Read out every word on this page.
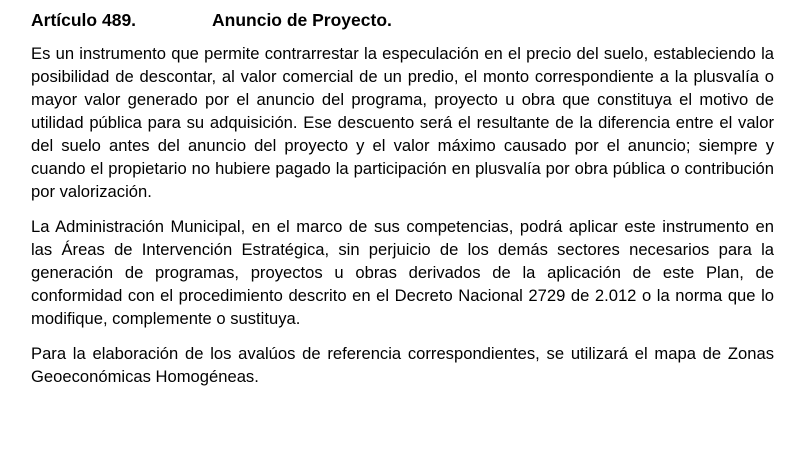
Artículo 489.	Anuncio de Proyecto.

Es un instrumento que permite contrarrestar la especulación en el precio del suelo, estableciendo la posibilidad de descontar, al valor comercial de un predio, el monto correspondiente a la plusvalía o mayor valor generado por el anuncio del programa, proyecto u obra que constituya el motivo de utilidad pública para su adquisición. Ese descuento será el resultante de la diferencia entre el valor del suelo antes del anuncio del proyecto y el valor máximo causado por el anuncio; siempre y cuando el propietario no hubiere pagado la participación en plusvalía por obra pública o contribución por valorización.

La Administración Municipal, en el marco de sus competencias, podrá aplicar este instrumento en las Áreas de Intervención Estratégica, sin perjuicio de los demás sectores necesarios para la generación de programas, proyectos u obras derivados de la aplicación de este Plan, de conformidad con el procedimiento descrito en el Decreto Nacional 2729 de 2.012 o la norma que lo modifique, complemente o sustituya.

Para la elaboración de los avalúos de referencia correspondientes, se utilizará el mapa de Zonas Geoeconómicas Homogéneas.
